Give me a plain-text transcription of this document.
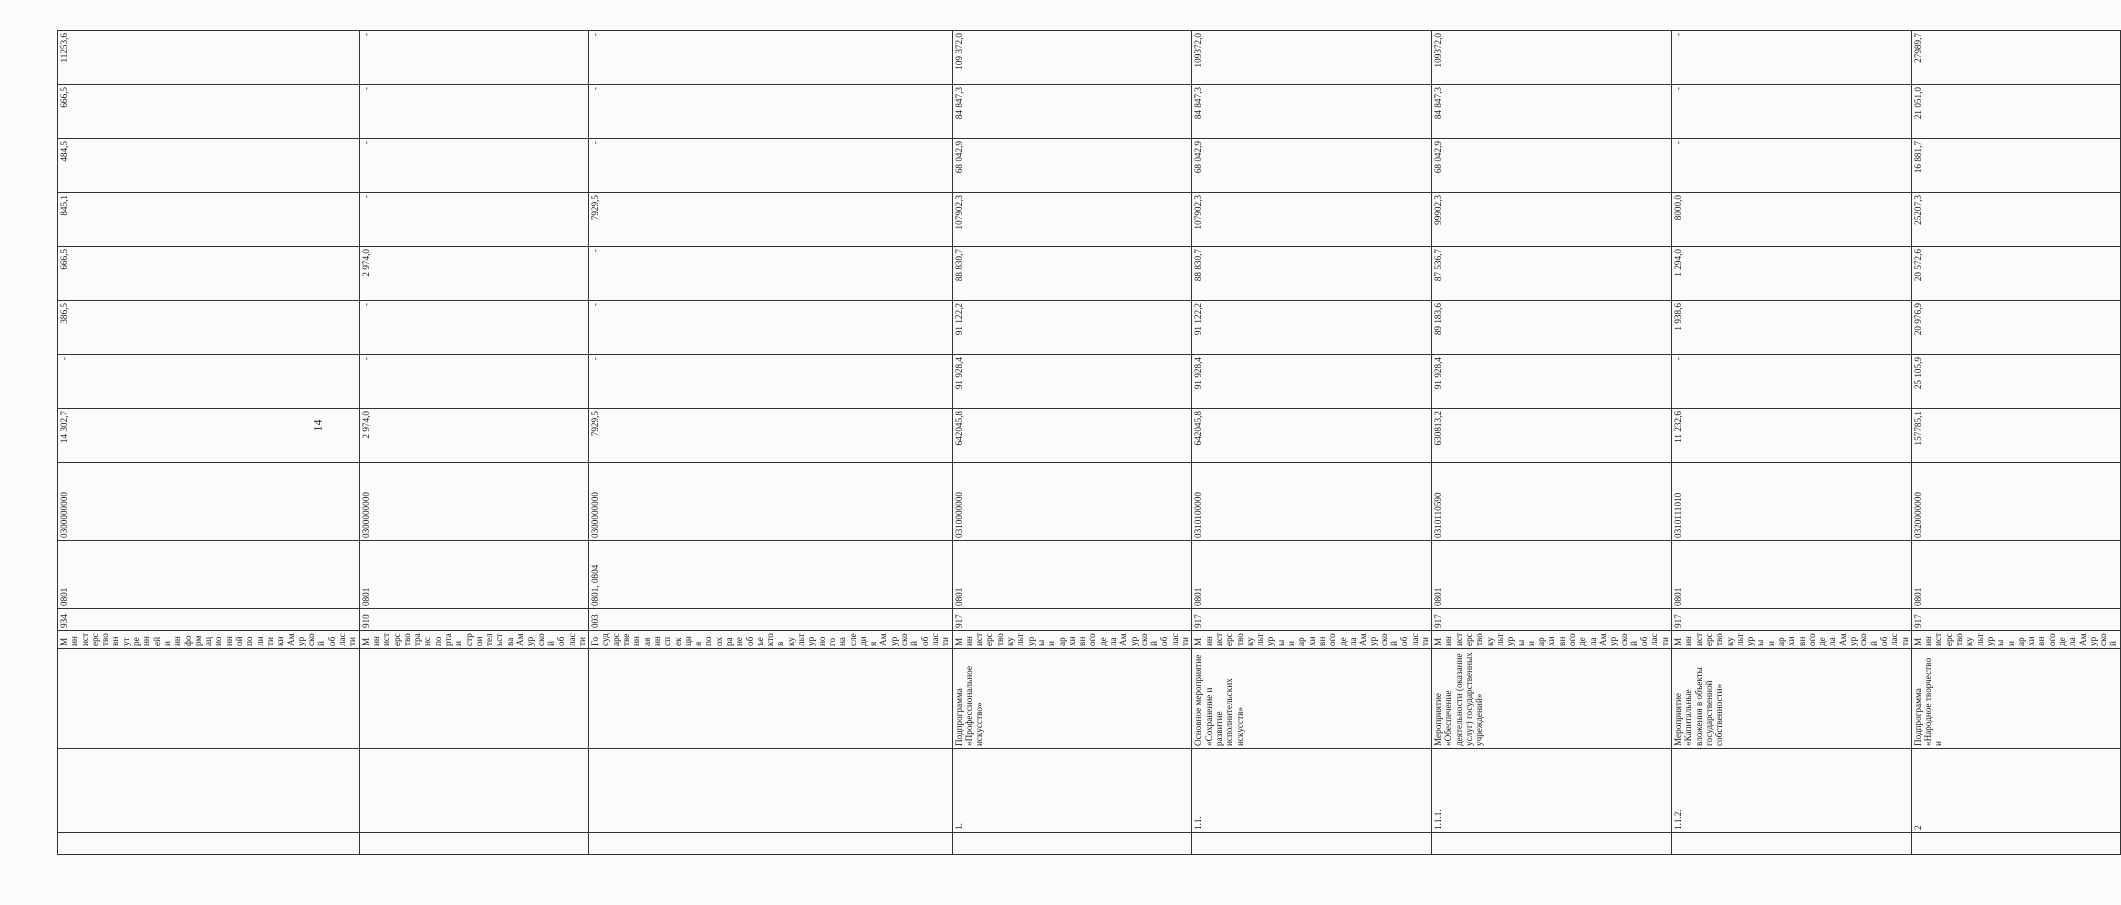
14
			Министерство внутренней и информационной политики Амурской области	934	0801	0300000000	14 302,7	-	386,5	666,5	845,1	484,5	666,5	11253,6
			Министерство транспорта и строительства Амурской области	910	0801	0300000000	2 974,0	-	-	2 974,0	-	-	-	-
			Государственная инспекция по охране объектов культурного наследия Амурской области	003	0801, 0804	0300000000	7929,5	-	-	-	7929,5	-	-	-
	1.	Подпрограмма «Профессиональное искусство»	Министерство культуры и архивного дела Амурской области	917	0801	0310000000	642045,8	91 928,4	91 122,2	88 830,7	107902,3	68 042,9	84 847,3	109 372,0
	1.1.	Основное мероприятие «Сохранение и развитие исполнительских искусств»	Министерство культуры и архивного дела Амурской области	917	0801	0310100000	642045,8	91 928,4	91 122,2	88 830,7	107902,3	68 042,9	84 847,3	109372,0
	1.1.1.	Мероприятие «Обеспечение деятельности (оказание услуг) государственных учреждений»	Министерство культуры и архивного дела Амурской области	917	0801	0310110590	630813,2	91 928,4	89 183,6	87 536,7	99902,3	68 042,9	84 847,3	109372,0
	1.1.2.	Мероприятие «Капитальные вложения в объекты государственной собственности»	Министерство культуры и архивного дела Амурской области	917	0801	0310111010	11 232,6	-	1 938,6	1 294,0	8000,0	-	-	-
	2	Подпрограмма «Народное творчество и	Министерство культуры и архивного дела Амурской	917	0801	0320000000	157785,1	25 105,9	20 976,9	20 572,6	25207,3	16 881,7	21 051,0	27989,7
